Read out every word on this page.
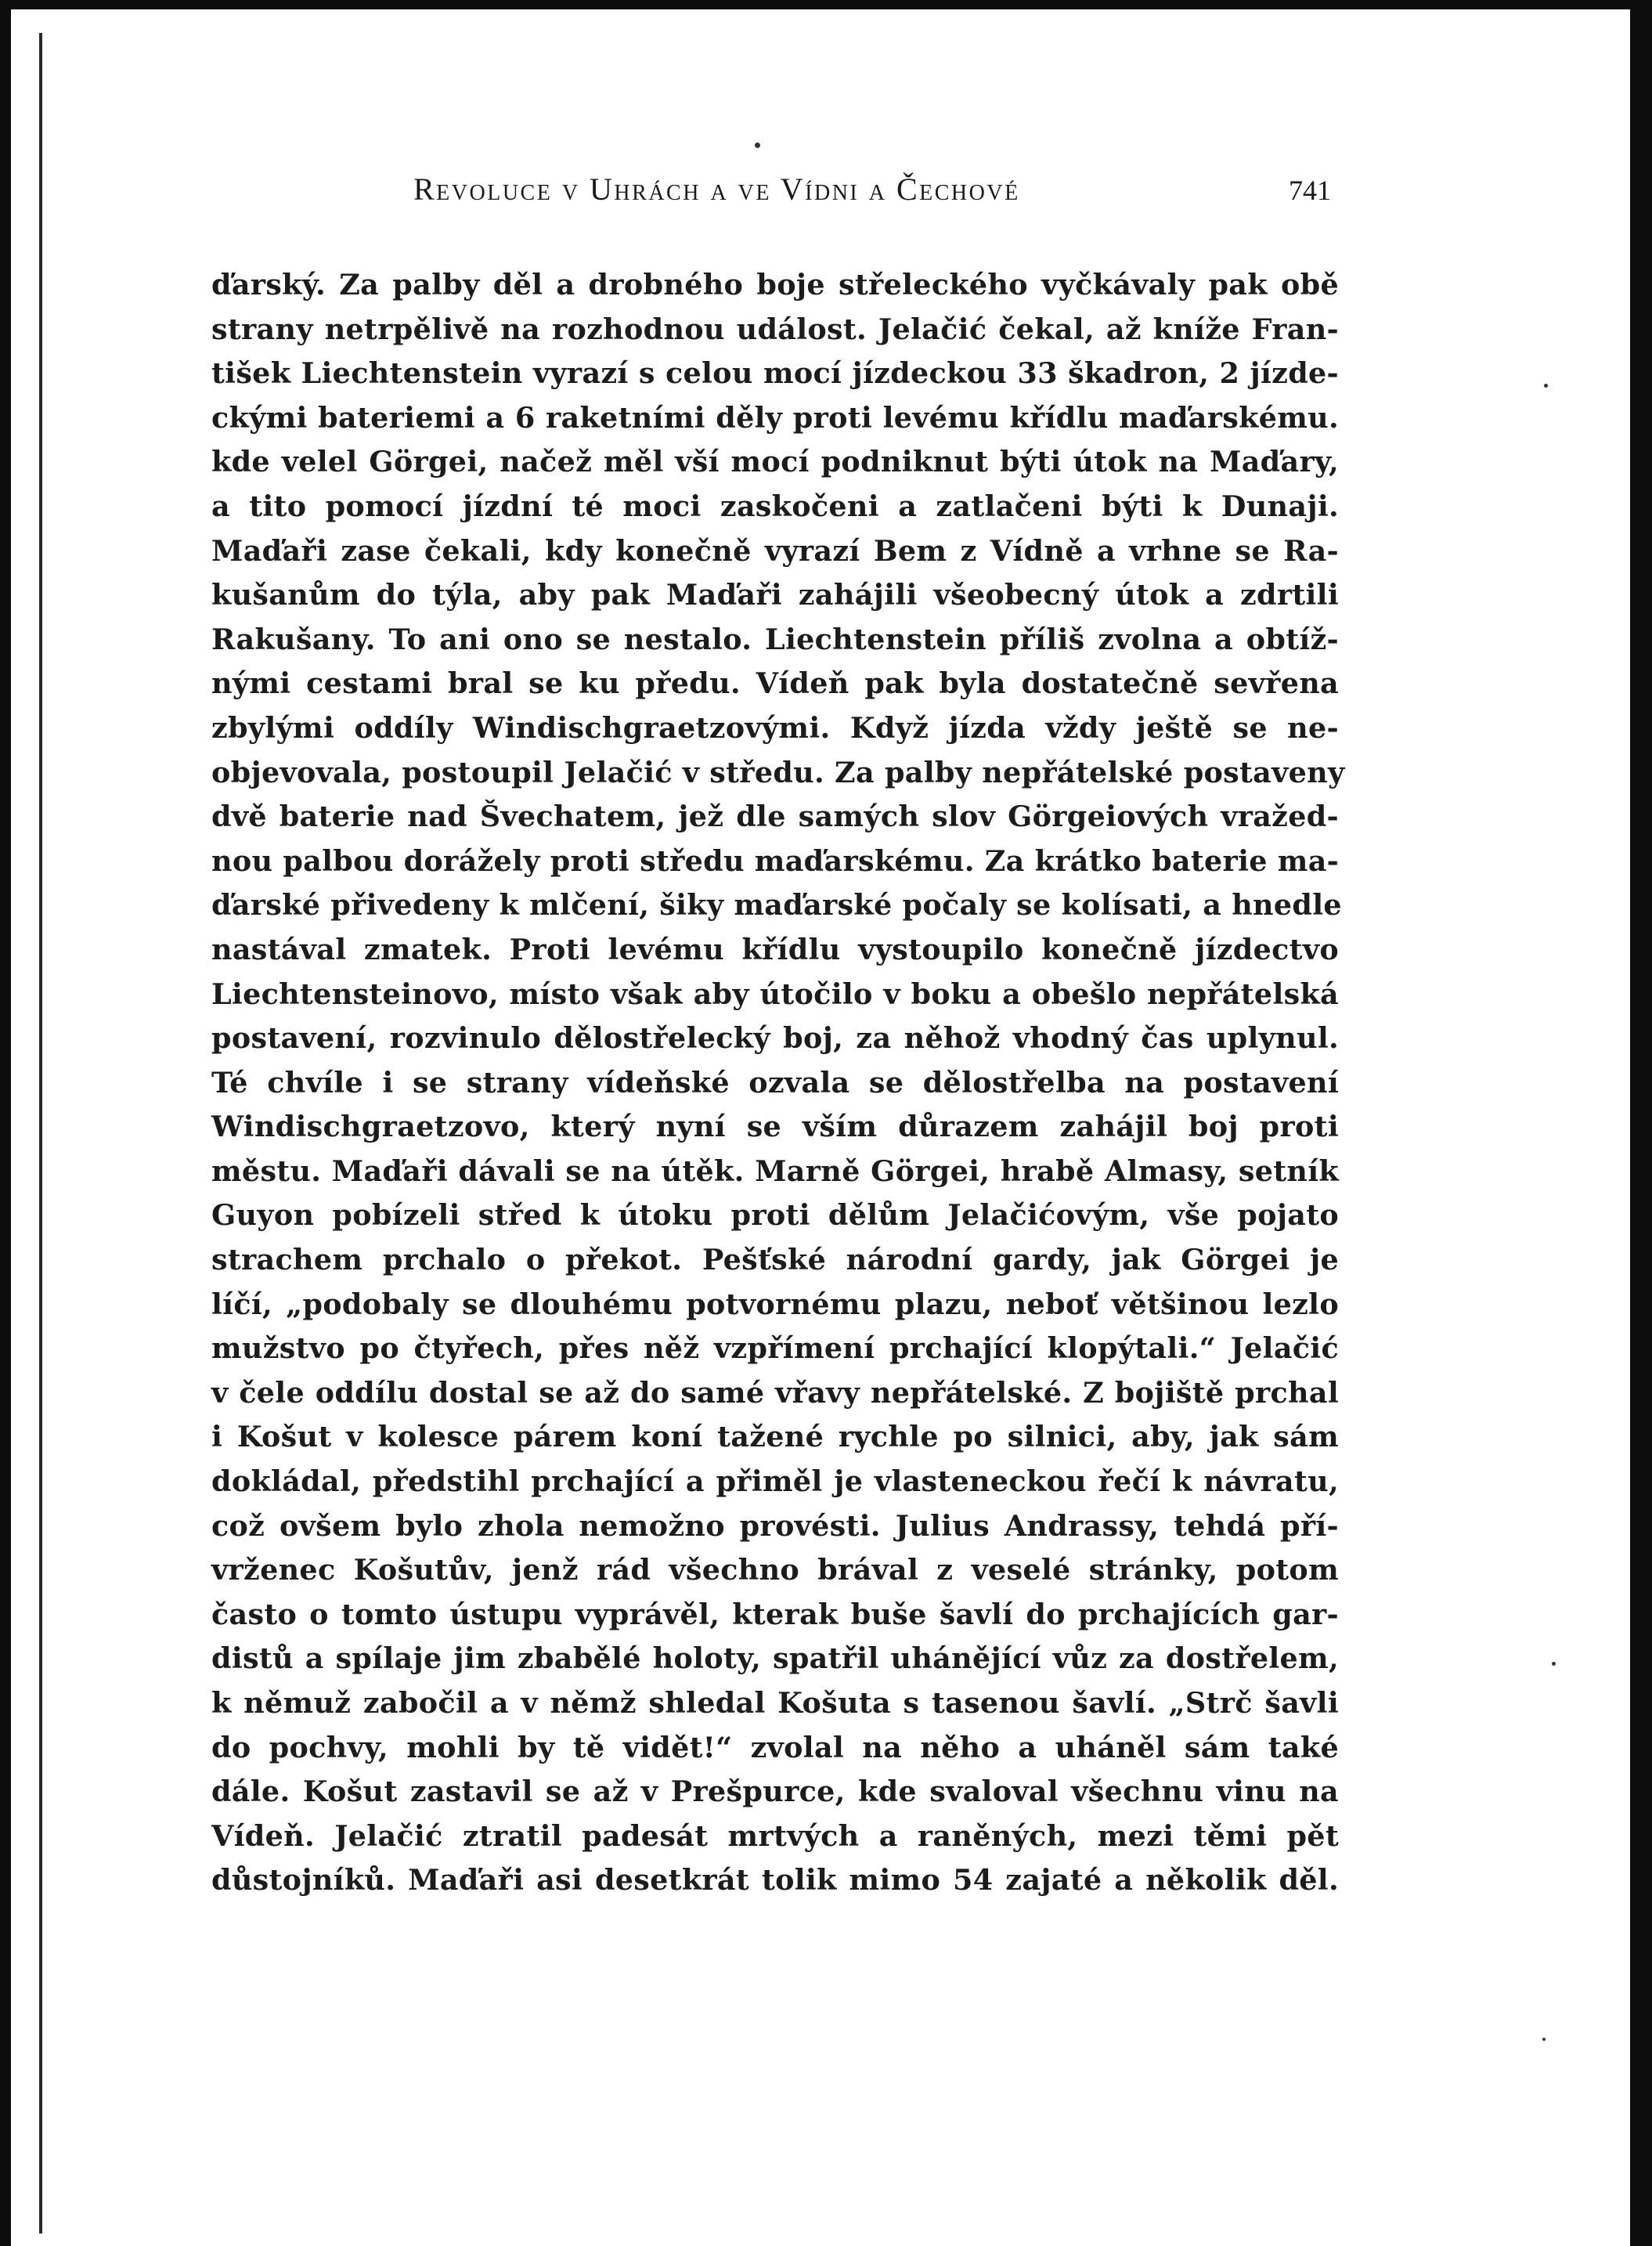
Revoluce v Uhrách a ve Vídni a Čechové	741
ďarský. Za palby děl a drobného boje střeleckého vyčkávaly pak obě
strany netrpělivě na rozhodnou událost. Jelačić čekal, až kníže Fran-
tišek Liechtenstein vyrazí s celou mocí jízdeckou 33 škadron, 2 jízde-
ckými bateriemi a 6 raketními děly proti levému křídlu maďarskému.
kde velel Görgei, načež měl vší mocí podniknut býti útok na Maďary,
a tito pomocí jízdní té moci zaskočeni a zatlačeni býti k Dunaji.
Maďaři zase čekali, kdy konečně vyrazí Bem z Vídně a vrhne se Ra-
kušanům do týla, aby pak Maďaři zahájili všeobecný útok a zdrtili
Rakušany. To ani ono se nestalo. Liechtenstein příliš zvolna a obtíž-
nými cestami bral se ku předu. Vídeň pak byla dostatečně sevřena
zbylými oddíly Windischgraetzovými. Když jízda vždy ještě se ne-
objevovala, postoupil Jelačić v středu. Za palby nepřátelské postaveny
dvě baterie nad Švechatem, jež dle samých slov Görgeiových vražed-
nou palbou dorážely proti středu maďarskému. Za krátko baterie ma-
ďarské přivedeny k mlčení, šiky maďarské počaly se kolísati, a hnedle
nastával zmatek. Proti levému křídlu vystoupilo konečně jízdectvo
Liechtensteinovo, místo však aby útočilo v boku a obešlo nepřátelská
postavení, rozvinulo dělostřelecký boj, za něhož vhodný čas uplynul.
Té chvíle i se strany vídeňské ozvala se dělostřelba na postavení
Windischgraetzovo, který nyní se vším důrazem zahájil boj proti
městu. Maďaři dávali se na útěk. Marně Görgei, hrabě Almasy, setník
Guyon pobízeli střed k útoku proti dělům Jelačićovým, vše pojato
strachem prchalo o překot. Pešťské národní gardy, jak Görgei je
líčí, „podobaly se dlouhému potvornému plazu, neboť většinou lezlo
mužstvo po čtyřech, přes něž vzpřímení prchající klopýtali.“ Jelačić
v čele oddílu dostal se až do samé vřavy nepřátelské. Z bojiště prchal
i Košut v kolesce párem koní tažené rychle po silnici, aby, jak sám
dokládal, předstihl prchající a přiměl je vlasteneckou řečí k návratu,
což ovšem bylo zhola nemožno provésti. Julius Andrassy, tehdá pří-
vrženec Košutův, jenž rád všechno brával z veselé stránky, potom
často o tomto ústupu vyprávěl, kterak buše šavlí do prchajících gar-
distů a spílaje jim zbabělé holoty, spatřil uhánějící vůz za dostřelem,
k němuž zabočil a v němž shledal Košuta s tasenou šavlí. „Strč šavli
do pochvy, mohli by tě vidět!“ zvolal na něho a uháněl sám také
dále. Košut zastavil se až v Prešpurce, kde svaloval všechnu vinu na
Vídeň. Jelačić ztratil padesát mrtvých a raněných, mezi těmi pět
důstojníků. Maďaři asi desetkrát tolik mimo 54 zajaté a několik děl.
